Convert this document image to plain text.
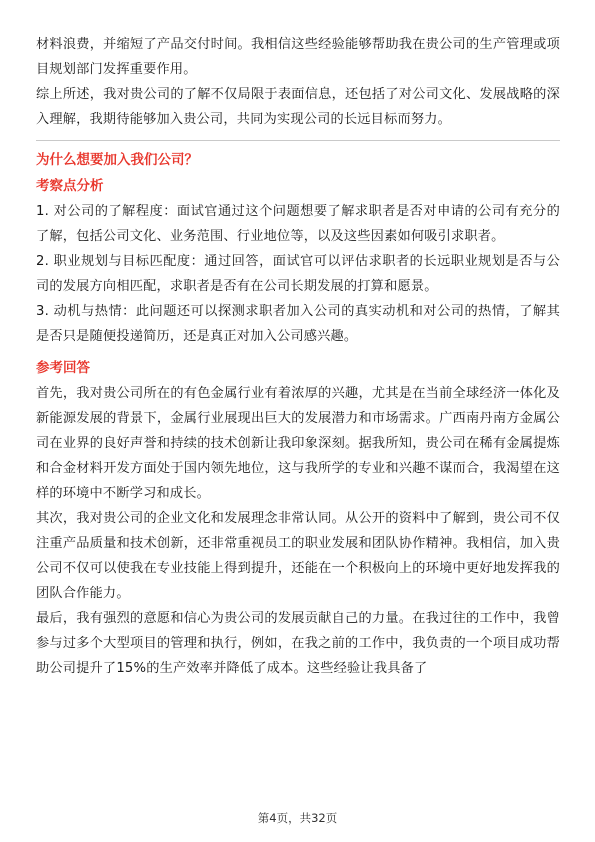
材料浪费，并缩短了产品交付时间。我相信这些经验能够帮助我在贵公司的生产管理或项目规划部门发挥重要作用。

综上所述，我对贵公司的了解不仅局限于表面信息，还包括了对公司文化、发展战略的深入理解，我期待能够加入贵公司，共同为实现公司的长远目标而努力。

为什么想要加入我们公司？
考察点分析

1. 对公司的了解程度：面试官通过这个问题想要了解求职者是否对申请的公司有充分的了解，包括公司文化、业务范围、行业地位等，以及这些因素如何吸引求职者。

2. 职业规划与目标匹配度：通过回答，面试官可以评估求职者的长远职业规划是否与公司的发展方向相匹配，求职者是否有在公司长期发展的打算和愿景。

3. 动机与热情：此问题还可以探测求职者加入公司的真实动机和对公司的热情，了解其是否只是随便投递简历，还是真正对加入公司感兴趣。

参考回答

首先，我对贵公司所在的有色金属行业有着浓厚的兴趣，尤其是在当前全球经济一体化及新能源发展的背景下，金属行业展现出巨大的发展潜力和市场需求。广西南丹南方金属公司在业界的良好声誉和持续的技术创新让我印象深刻。据我所知，贵公司在稀有金属提炼和合金材料开发方面处于国内领先地位，这与我所学的专业和兴趣不谋而合，我渴望在这样的环境中不断学习和成长。

其次，我对贵公司的企业文化和发展理念非常认同。从公开的资料中了解到，贵公司不仅注重产品质量和技术创新，还非常重视员工的职业发展和团队协作精神。我相信，加入贵公司不仅可以使我在专业技能上得到提升，还能在一个积极向上的环境中更好地发挥我的团队合作能力。

最后，我有强烈的意愿和信心为贵公司的发展贡献自己的力量。在我过往的工作中，我曾参与过多个大型项目的管理和执行，例如，在我之前的工作中，我负责的一个项目成功帮助公司提升了15%的生产效率并降低了成本。这些经验让我具备了

第4页，共32页
